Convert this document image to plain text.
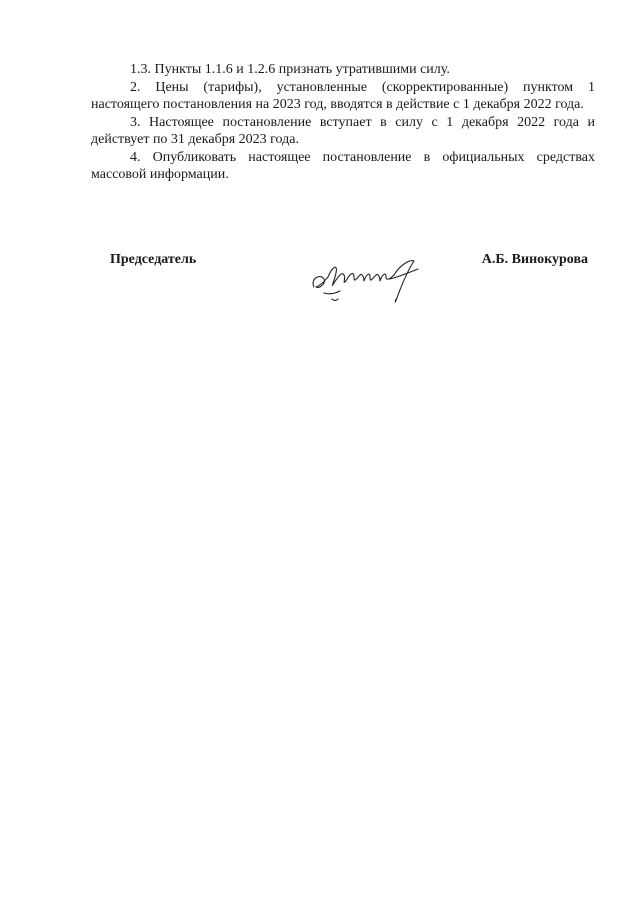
1.3. Пункты 1.1.6 и 1.2.6 признать утратившими силу.

2. Цены (тарифы), установленные (скорректированные) пунктом 1 настоящего постановления на 2023 год, вводятся в действие с 1 декабря 2022 года.

3. Настоящее постановление вступает в силу с 1 декабря 2022 года и действует по 31 декабря 2023 года.

4. Опубликовать настоящее постановление в официальных средствах массовой информации.

Председатель	А.Б. Винокурова
